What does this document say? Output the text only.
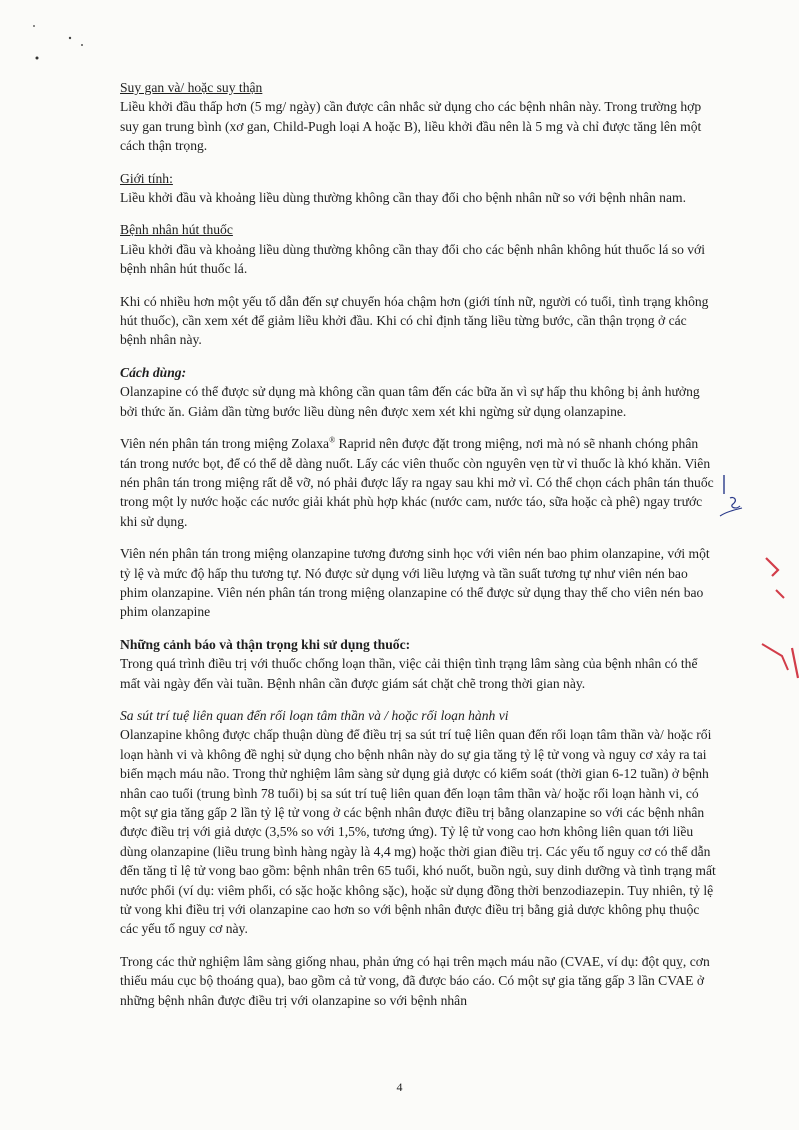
Suy gan và/ hoặc suy thận

Liều khởi đầu thấp hơn (5 mg/ ngày) cần được cân nhắc sử dụng cho các bệnh nhân này. Trong trường hợp suy gan trung bình (xơ gan, Child-Pugh loại A hoặc B), liều khởi đầu nên là 5 mg và chỉ được tăng lên một cách thận trọng.

Giới tính:

Liều khởi đầu và khoảng liều dùng thường không cần thay đổi cho bệnh nhân nữ so với bệnh nhân nam.

Bệnh nhân hút thuốc

Liều khởi đầu và khoảng liều dùng thường không cần thay đổi cho các bệnh nhân không hút thuốc lá so với bệnh nhân hút thuốc lá.

Khi có nhiều hơn một yếu tố dẫn đến sự chuyển hóa chậm hơn (giới tính nữ, người có tuổi, tình trạng không hút thuốc), cần xem xét để giảm liều khởi đầu. Khi có chỉ định tăng liều từng bước, cần thận trọng ở các bệnh nhân này.

Cách dùng:

Olanzapine có thể được sử dụng mà không cần quan tâm đến các bữa ăn vì sự hấp thu không bị ảnh hưởng bởi thức ăn. Giảm dần từng bước liều dùng nên được xem xét khi ngừng sử dụng olanzapine.

Viên nén phân tán trong miệng Zolaxa® Raprid nên được đặt trong miệng, nơi mà nó sẽ nhanh chóng phân tán trong nước bọt, để có thể dễ dàng nuốt. Lấy các viên thuốc còn nguyên vẹn từ vỉ thuốc là khó khăn. Viên nén phân tán trong miệng rất dễ vỡ, nó phải được lấy ra ngay sau khi mở vỉ. Có thể chọn cách phân tán thuốc trong một ly nước hoặc các nước giải khát phù hợp khác (nước cam, nước táo, sữa hoặc cà phê) ngay trước khi sử dụng.

Viên nén phân tán trong miệng olanzapine tương đương sinh học với viên nén bao phim olanzapine, với một tỷ lệ và mức độ hấp thu tương tự. Nó được sử dụng với liều lượng và tần suất tương tự như viên nén bao phim olanzapine. Viên nén phân tán trong miệng olanzapine có thể được sử dụng thay thế cho viên nén bao phim olanzapine

Những cảnh báo và thận trọng khi sử dụng thuốc:

Trong quá trình điều trị với thuốc chống loạn thần, việc cải thiện tình trạng lâm sàng của bệnh nhân có thể mất vài ngày đến vài tuần. Bệnh nhân cần được giám sát chặt chẽ trong thời gian này.

Sa sút trí tuệ liên quan đến rối loạn tâm thần và / hoặc rối loạn hành vi

Olanzapine không được chấp thuận dùng để điều trị sa sút trí tuệ liên quan đến rối loạn tâm thần và/ hoặc rối loạn hành vi và không đề nghị sử dụng cho bệnh nhân này do sự gia tăng tỷ lệ tử vong và nguy cơ xảy ra tai biến mạch máu não. Trong thử nghiệm lâm sàng sử dụng giả dược có kiểm soát (thời gian 6-12 tuần) ở bệnh nhân cao tuổi (trung bình 78 tuổi) bị sa sút trí tuệ liên quan đến loạn tâm thần và/ hoặc rối loạn hành vi, có một sự gia tăng gấp 2 lần tỷ lệ tử vong ở các bệnh nhân được điều trị bằng olanzapine so với các bệnh nhân được điều trị với giả dược (3,5% so với 1,5%, tương ứng). Tỷ lệ tử vong cao hơn không liên quan tới liều dùng olanzapine (liều trung bình hàng ngày là 4,4 mg) hoặc thời gian điều trị. Các yếu tố nguy cơ có thể dẫn đến tăng tỉ lệ tử vong bao gồm: bệnh nhân trên 65 tuổi, khó nuốt, buồn ngủ, suy dinh dưỡng và tình trạng mất nước phổi (ví dụ: viêm phổi, có sặc hoặc không sặc), hoặc sử dụng đồng thời benzodiazepin. Tuy nhiên, tỷ lệ tử vong khi điều trị với olanzapine cao hơn so với bệnh nhân được điều trị bằng giả dược không phụ thuộc các yếu tố nguy cơ này.

Trong các thử nghiệm lâm sàng giống nhau, phản ứng có hại trên mạch máu não (CVAE, ví dụ: đột quỵ, cơn thiếu máu cục bộ thoáng qua), bao gồm cả tử vong, đã được báo cáo. Có một sự gia tăng gấp 3 lần CVAE ở những bệnh nhân được điều trị với olanzapine so với bệnh nhân

4
